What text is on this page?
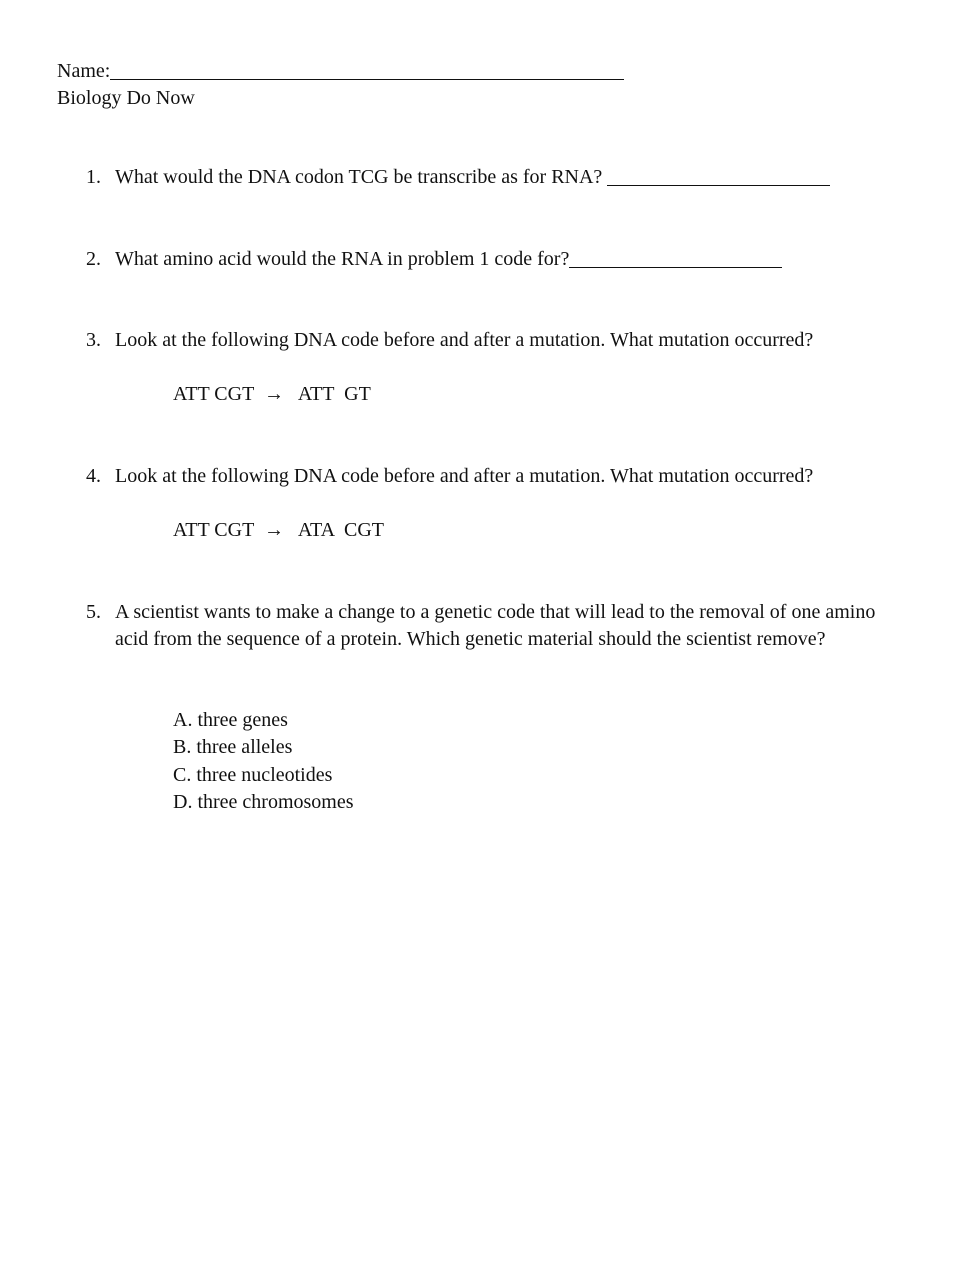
Name:
Biology Do Now
1. What would the DNA codon TCG be transcribe as for RNA?
2. What amino acid would the RNA in problem 1 code for?
3. Look at the following DNA code before and after a mutation. What mutation occurred?
ATT CGT  →   ATT  GT
4. Look at the following DNA code before and after a mutation. What mutation occurred?
ATT CGT  →   ATA  CGT
5. A scientist wants to make a change to a genetic code that will lead to the removal of one amino acid from the sequence of a protein. Which genetic material should the scientist remove?
A. three genes
B. three alleles
C. three nucleotides
D. three chromosomes
